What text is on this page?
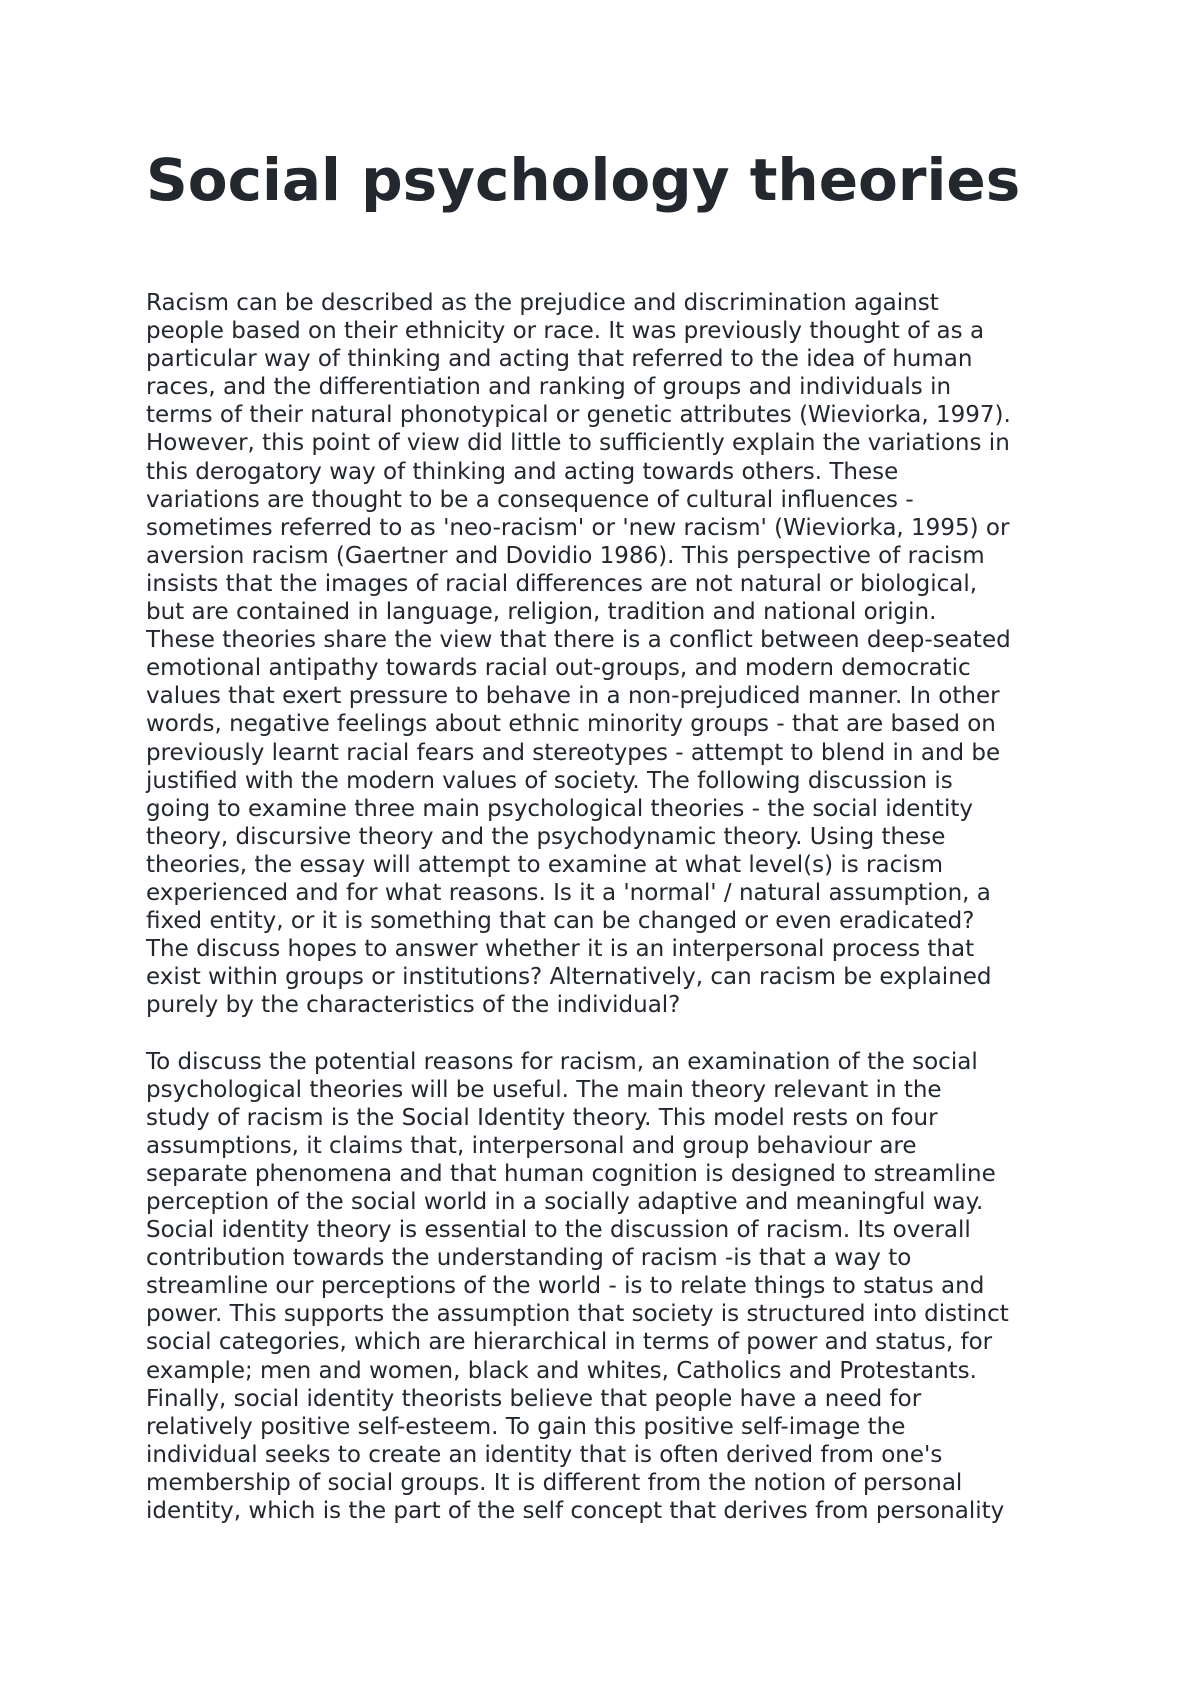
Social psychology theories
Racism can be described as the prejudice and discrimination against
people based on their ethnicity or race. It was previously thought of as a
particular way of thinking and acting that referred to the idea of human
races, and the differentiation and ranking of groups and individuals in
terms of their natural phonotypical or genetic attributes (Wieviorka, 1997).
However, this point of view did little to sufficiently explain the variations in
this derogatory way of thinking and acting towards others. These
variations are thought to be a consequence of cultural influences -
sometimes referred to as 'neo-racism' or 'new racism' (Wieviorka, 1995) or
aversion racism (Gaertner and Dovidio 1986). This perspective of racism
insists that the images of racial differences are not natural or biological,
but are contained in language, religion, tradition and national origin.
These theories share the view that there is a conflict between deep-seated
emotional antipathy towards racial out-groups, and modern democratic
values that exert pressure to behave in a non-prejudiced manner. In other
words, negative feelings about ethnic minority groups - that are based on
previously learnt racial fears and stereotypes - attempt to blend in and be
justified with the modern values of society. The following discussion is
going to examine three main psychological theories - the social identity
theory, discursive theory and the psychodynamic theory. Using these
theories, the essay will attempt to examine at what level(s) is racism
experienced and for what reasons. Is it a 'normal' / natural assumption, a
fixed entity, or it is something that can be changed or even eradicated?
The discuss hopes to answer whether it is an interpersonal process that
exist within groups or institutions? Alternatively, can racism be explained
purely by the characteristics of the individual?
To discuss the potential reasons for racism, an examination of the social
psychological theories will be useful. The main theory relevant in the
study of racism is the Social Identity theory. This model rests on four
assumptions, it claims that, interpersonal and group behaviour are
separate phenomena and that human cognition is designed to streamline
perception of the social world in a socially adaptive and meaningful way.
Social identity theory is essential to the discussion of racism. Its overall
contribution towards the understanding of racism -is that a way to
streamline our perceptions of the world - is to relate things to status and
power. This supports the assumption that society is structured into distinct
social categories, which are hierarchical in terms of power and status, for
example; men and women, black and whites, Catholics and Protestants.
Finally, social identity theorists believe that people have a need for
relatively positive self-esteem. To gain this positive self-image the
individual seeks to create an identity that is often derived from one's
membership of social groups. It is different from the notion of personal
identity, which is the part of the self concept that derives from personality
